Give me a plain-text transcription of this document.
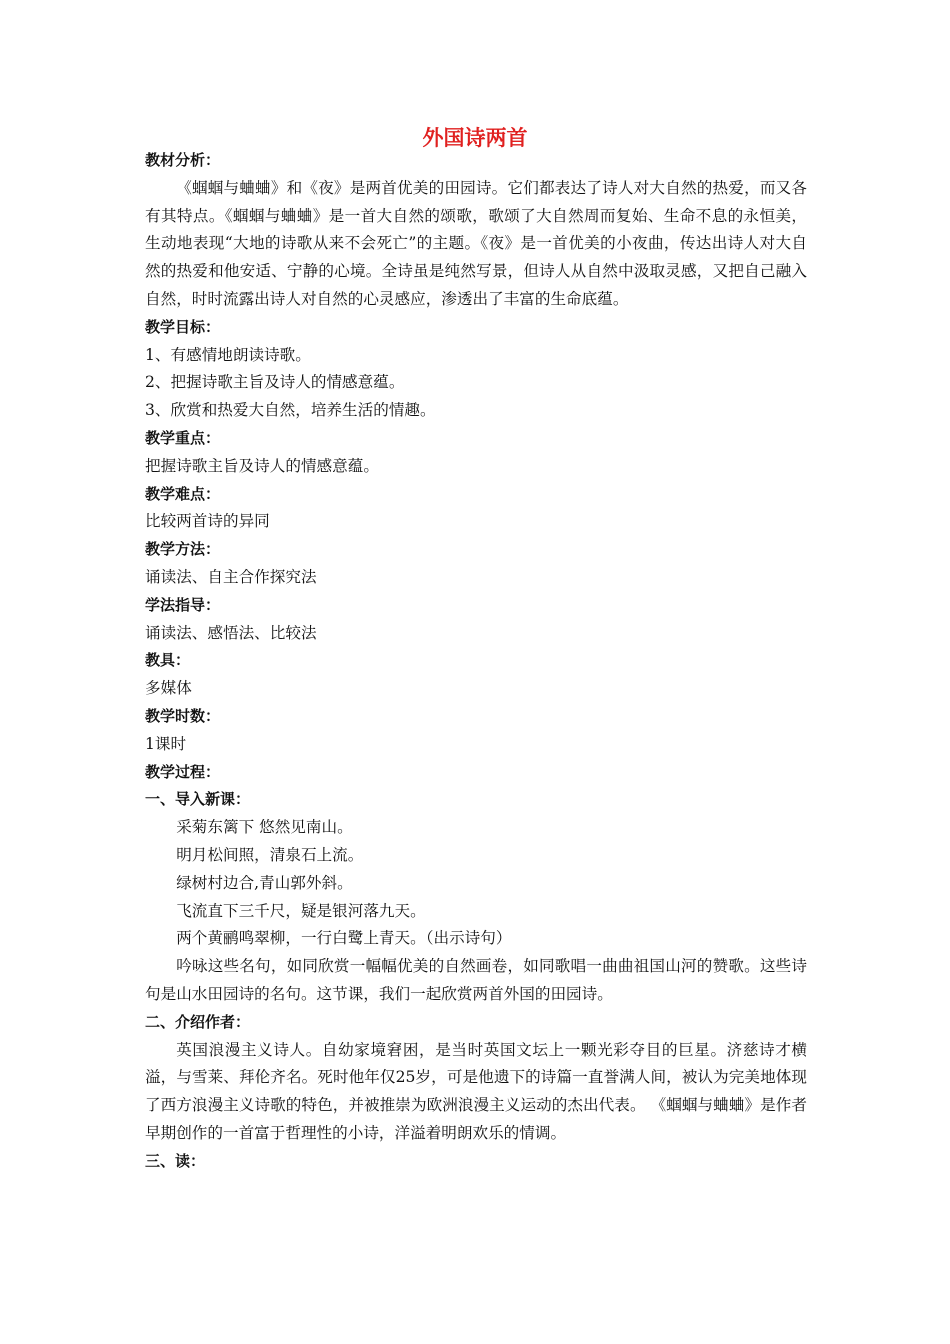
外国诗两首

教材分析：

《蝈蝈与蛐蛐》和《夜》是两首优美的田园诗。它们都表达了诗人对大自然的热爱，而又各有其特点。《蝈蝈与蛐蛐》是一首大自然的颂歌，歌颂了大自然周而复始、生命不息的永恒美，生动地表现“大地的诗歌从来不会死亡”的主题。《夜》是一首优美的小夜曲，传达出诗人对大自然的热爱和他安适、宁静的心境。全诗虽是纯然写景，但诗人从自然中汲取灵感，又把自己融入自然，时时流露出诗人对自然的心灵感应，渗透出了丰富的生命底蕴。

教学目标：

1、有感情地朗读诗歌。

2、把握诗歌主旨及诗人的情感意蕴。

3、欣赏和热爱大自然，培养生活的情趣。

教学重点：

把握诗歌主旨及诗人的情感意蕴。

教学难点：

比较两首诗的异同

教学方法：

诵读法、自主合作探究法

学法指导：

诵读法、感悟法、比较法

教具：

多媒体

教学时数：

1课时

教学过程：

一、导入新课：

采菊东篱下 悠然见南山。

明月松间照，清泉石上流。

绿树村边合,青山郭外斜。

飞流直下三千尺，疑是银河落九天。

两个黄鹂鸣翠柳，一行白鹭上青天。（出示诗句）

吟咏这些名句，如同欣赏一幅幅优美的自然画卷，如同歌唱一曲曲祖国山河的赞歌。这些诗句是山水田园诗的名句。这节课，我们一起欣赏两首外国的田园诗。

二、介绍作者：

英国浪漫主义诗人。自幼家境窘困，是当时英国文坛上一颗光彩夺目的巨星。济慈诗才横溢，与雪莱、拜伦齐名。死时他年仅25岁，可是他遗下的诗篇一直誉满人间，被认为完美地体现了西方浪漫主义诗歌的特色，并被推崇为欧洲浪漫主义运动的杰出代表。 《蝈蝈与蛐蛐》是作者早期创作的一首富于哲理性的小诗，洋溢着明朗欢乐的情调。

三、读：
